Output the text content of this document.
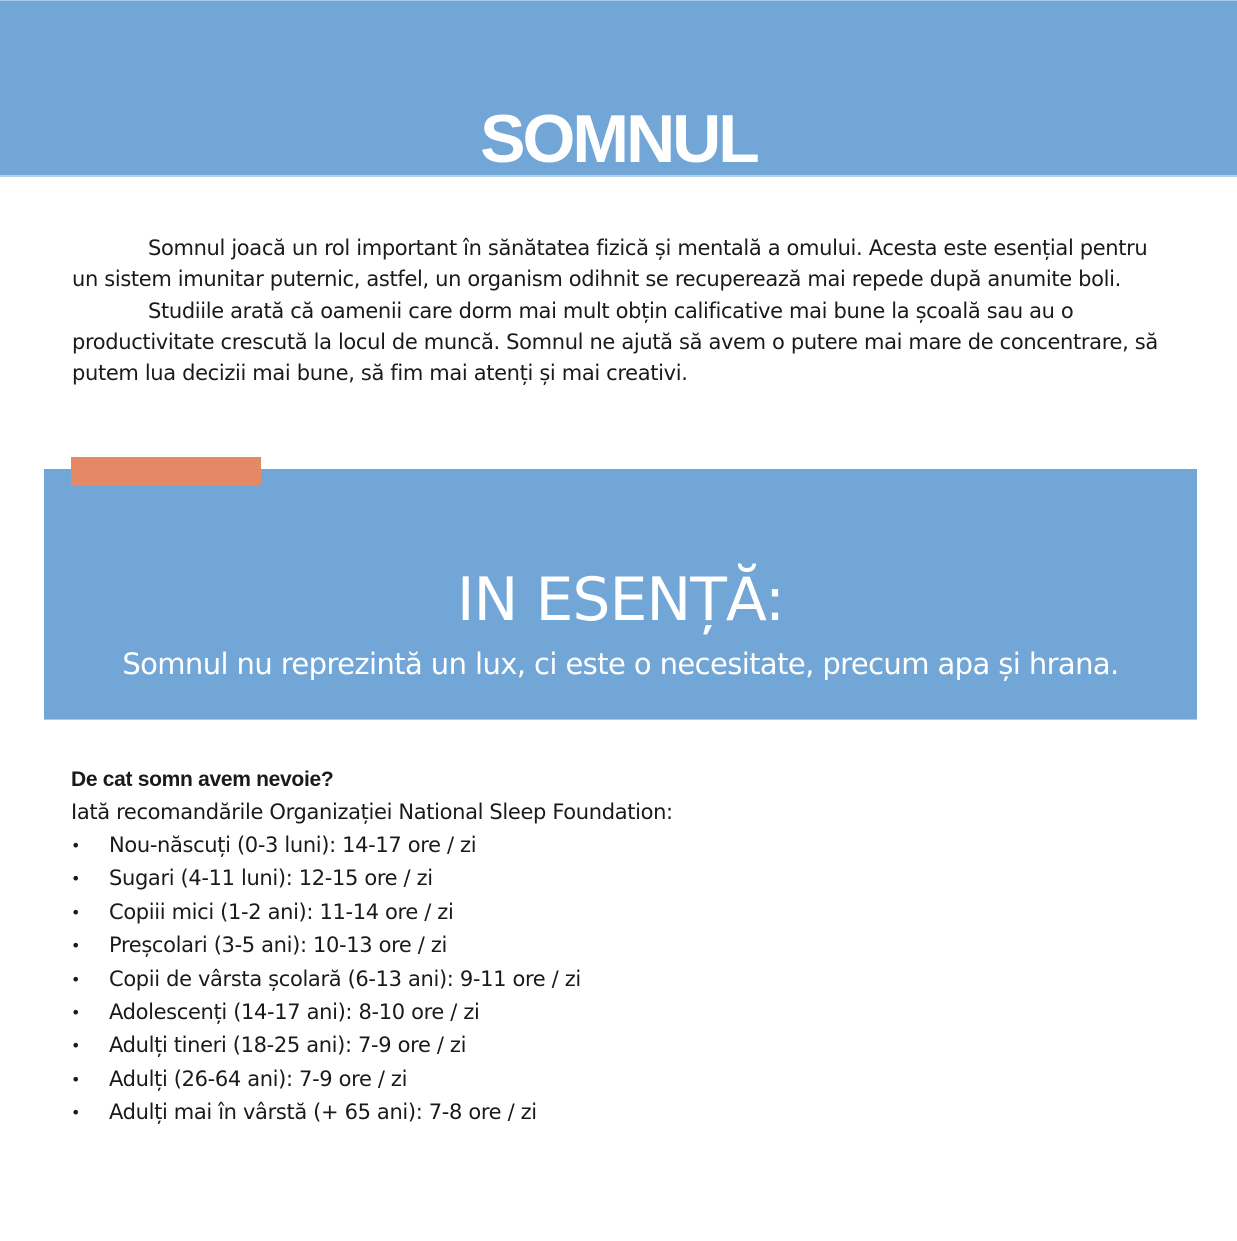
SOMNUL

Somnul joacă un rol important în sănătatea fizică și mentală a omului. Acesta este esențial pentru un sistem imunitar puternic, astfel, un organism odihnit se recuperează mai repede după anumite boli.

Studiile arată că oamenii care dorm mai mult obțin calificative mai bune la școală sau au o productivitate crescută la locul de muncă. Somnul ne ajută să avem o putere mai mare de concentrare, să putem lua decizii mai bune, să fim mai atenți și mai creativi.

IN ESENȚĂ:

Somnul nu reprezintă un lux, ci este o necesitate, precum apa și hrana.

De cat somn avem nevoie?

Iată recomandările Organizației National Sleep Foundation:

• Nou-născuți (0-3 luni): 14-17 ore / zi
• Sugari (4-11 luni): 12-15 ore / zi
• Copiii mici (1-2 ani): 11-14 ore / zi
• Preșcolari (3-5 ani): 10-13 ore / zi
• Copii de vârsta școlară (6-13 ani): 9-11 ore / zi
• Adolescenți (14-17 ani): 8-10 ore / zi
• Adulți tineri (18-25 ani): 7-9 ore / zi
• Adulți (26-64 ani): 7-9 ore / zi
• Adulți mai în vârstă (+ 65 ani): 7-8 ore / zi
